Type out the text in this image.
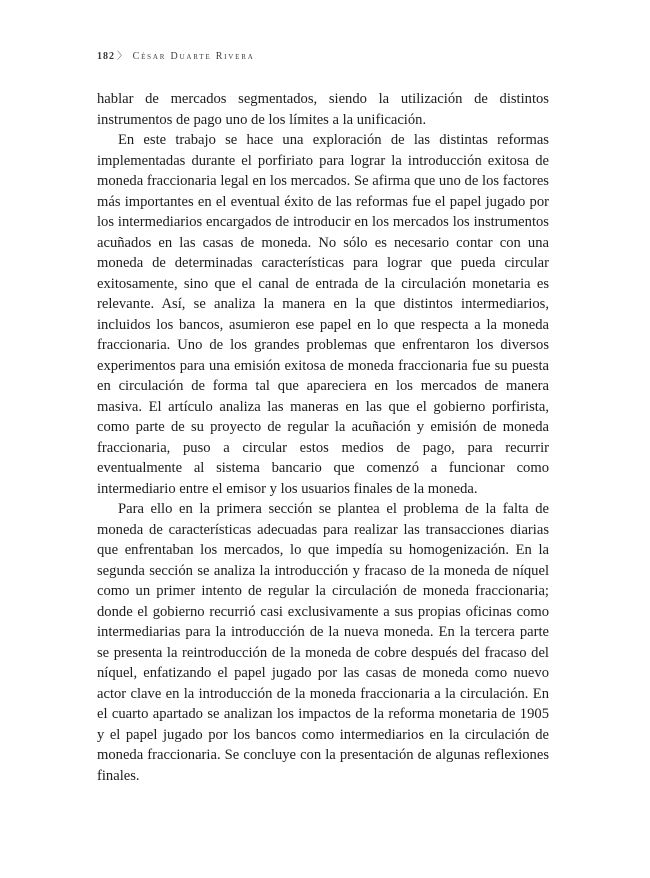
182 〉 César Duarte Rivera

hablar de mercados segmentados, siendo la utilización de distintos instrumentos de pago uno de los límites a la unificación.

En este trabajo se hace una exploración de las distintas reformas implementadas durante el porfiriato para lograr la introducción exitosa de moneda fraccionaria legal en los mercados. Se afirma que uno de los factores más importantes en el eventual éxito de las reformas fue el papel jugado por los intermediarios encargados de introducir en los mercados los instrumentos acuñados en las casas de moneda. No sólo es necesario contar con una moneda de determinadas características para lograr que pueda circular exitosamente, sino que el canal de entrada de la circulación monetaria es relevante. Así, se analiza la manera en la que distintos intermediarios, incluidos los bancos, asumieron ese papel en lo que respecta a la moneda fraccionaria. Uno de los grandes problemas que enfrentaron los diversos experimentos para una emisión exitosa de moneda fraccionaria fue su puesta en circulación de forma tal que apareciera en los mercados de manera masiva. El artículo analiza las maneras en las que el gobierno porfirista, como parte de su proyecto de regular la acuñación y emisión de moneda fraccionaria, puso a circular estos medios de pago, para recurrir eventualmente al sistema bancario que comenzó a funcionar como intermediario entre el emisor y los usuarios finales de la moneda.

Para ello en la primera sección se plantea el problema de la falta de moneda de características adecuadas para realizar las transacciones diarias que enfrentaban los mercados, lo que impedía su homogenización. En la segunda sección se analiza la introducción y fracaso de la moneda de níquel como un primer intento de regular la circulación de moneda fraccionaria; donde el gobierno recurrió casi exclusivamente a sus propias oficinas como intermediarias para la introducción de la nueva moneda. En la tercera parte se presenta la reintroducción de la moneda de cobre después del fracaso del níquel, enfatizando el papel jugado por las casas de moneda como nuevo actor clave en la introducción de la moneda fraccionaria a la circulación. En el cuarto apartado se analizan los impactos de la reforma monetaria de 1905 y el papel jugado por los bancos como intermediarios en la circulación de moneda fraccionaria. Se concluye con la presentación de algunas reflexiones finales.
